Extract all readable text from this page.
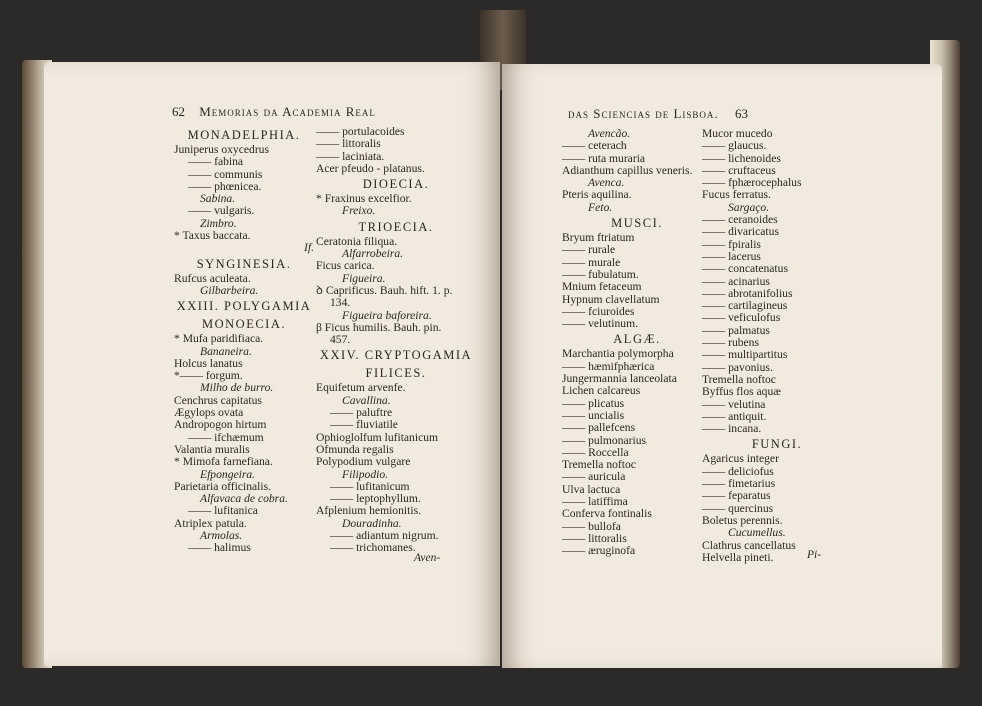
62 Memorias da Academia Real
MONADELPHIA.
Juniperus oxycedrus
—— fabina
—— communis
—— phœnicea.
Sabina.
—— vulgaris.
Zimbro.
* Taxus baccata.
If.
SYNGINESIA.
Rufcus aculeata.
Gilbarbeira.
XXIII. POLYGAMIA
MONOECIA.
* Mufa paridifiaca.
Bananeira.
Holcus lanatus
*—— forgum.
Milho de burro.
Cenchrus capitatus
Ægylops ovata
Andropogon hirtum
—— ifchæmum
Valantia muralis
* Mimofa farnefiana.
Efpongeira.
Parietaria officinalis.
Alfavaca de cobra.
—— lufitanica
Atriplex patula.
Armolas.
—— halimus
—— portulacoides
—— littoralis
—— laciniata.
Acer pfeudo - platanus.
DIOECIA.
* Fraxinus excelfior.
Freixo.
TRIOECIA.
Ceratonia filiqua.
Alfarrobeira.
Ficus carica.
Figueira.
ꝺ Caprificus. Bauh. hift. 1. p.
134.
Figueira baforeira.
β Ficus humilis. Bauh. pin.
457.
XXIV. CRYPTOGAMIA
FILICES.
Equifetum arvenfe.
Cavallina.
—— paluftre
—— fluviatile
Ophioglolfum lufitanicum
Ofmunda regalis
Polypodium vulgare
Filipodio.
—— lufitanicum
—— leptophyllum.
Afplenium hemionitis.
Douradinha.
—— adiantum nigrum.
—— trichomanes.
Aven-
das Sciencias de Lisboa. 63
Avencão.
—— ceterach
—— ruta muraria
Adianthum capillus veneris.
Avenca.
Pteris aquilina.
Feto.
MUSCI.
Bryum ftriatum
—— rurale
—— murale
—— fubulatum.
Mnium fetaceum
Hypnum clavellatum
—— fciuroides
—— velutinum.
ALGÆ.
Marchantia polymorpha
—— hæmifphærica
Jungermannia lanceolata
Lichen calcareus
—— plicatus
—— uncialis
—— pallefcens
—— pulmonarius
—— Roccella
Tremella noftoc
—— auricula
Ulva lactuca
—— latiffima
Conferva fontinalis
—— bullofa
—— littoralis
—— æruginofa
Mucor mucedo
—— glaucus.
—— lichenoides
—— cruftaceus
—— fphærocephalus
Fucus ferratus.
Sargaço.
—— ceranoides
—— divaricatus
—— fpiralis
—— lacerus
—— concatenatus
—— acinarius
—— abrotanifolius
—— cartilagineus
—— veficulofus
—— palmatus
—— rubens
—— multipartitus
—— pavonius.
Tremella noftoc
Byffus flos aquæ
—— velutina
—— antiquit.
—— incana.
FUNGI.
Agaricus integer
—— deliciofus
—— fimetarius
—— feparatus
—— quercinus
Boletus perennis.
Cucumellus.
Clathrus cancellatus
Helvella pineti.	Pi-
